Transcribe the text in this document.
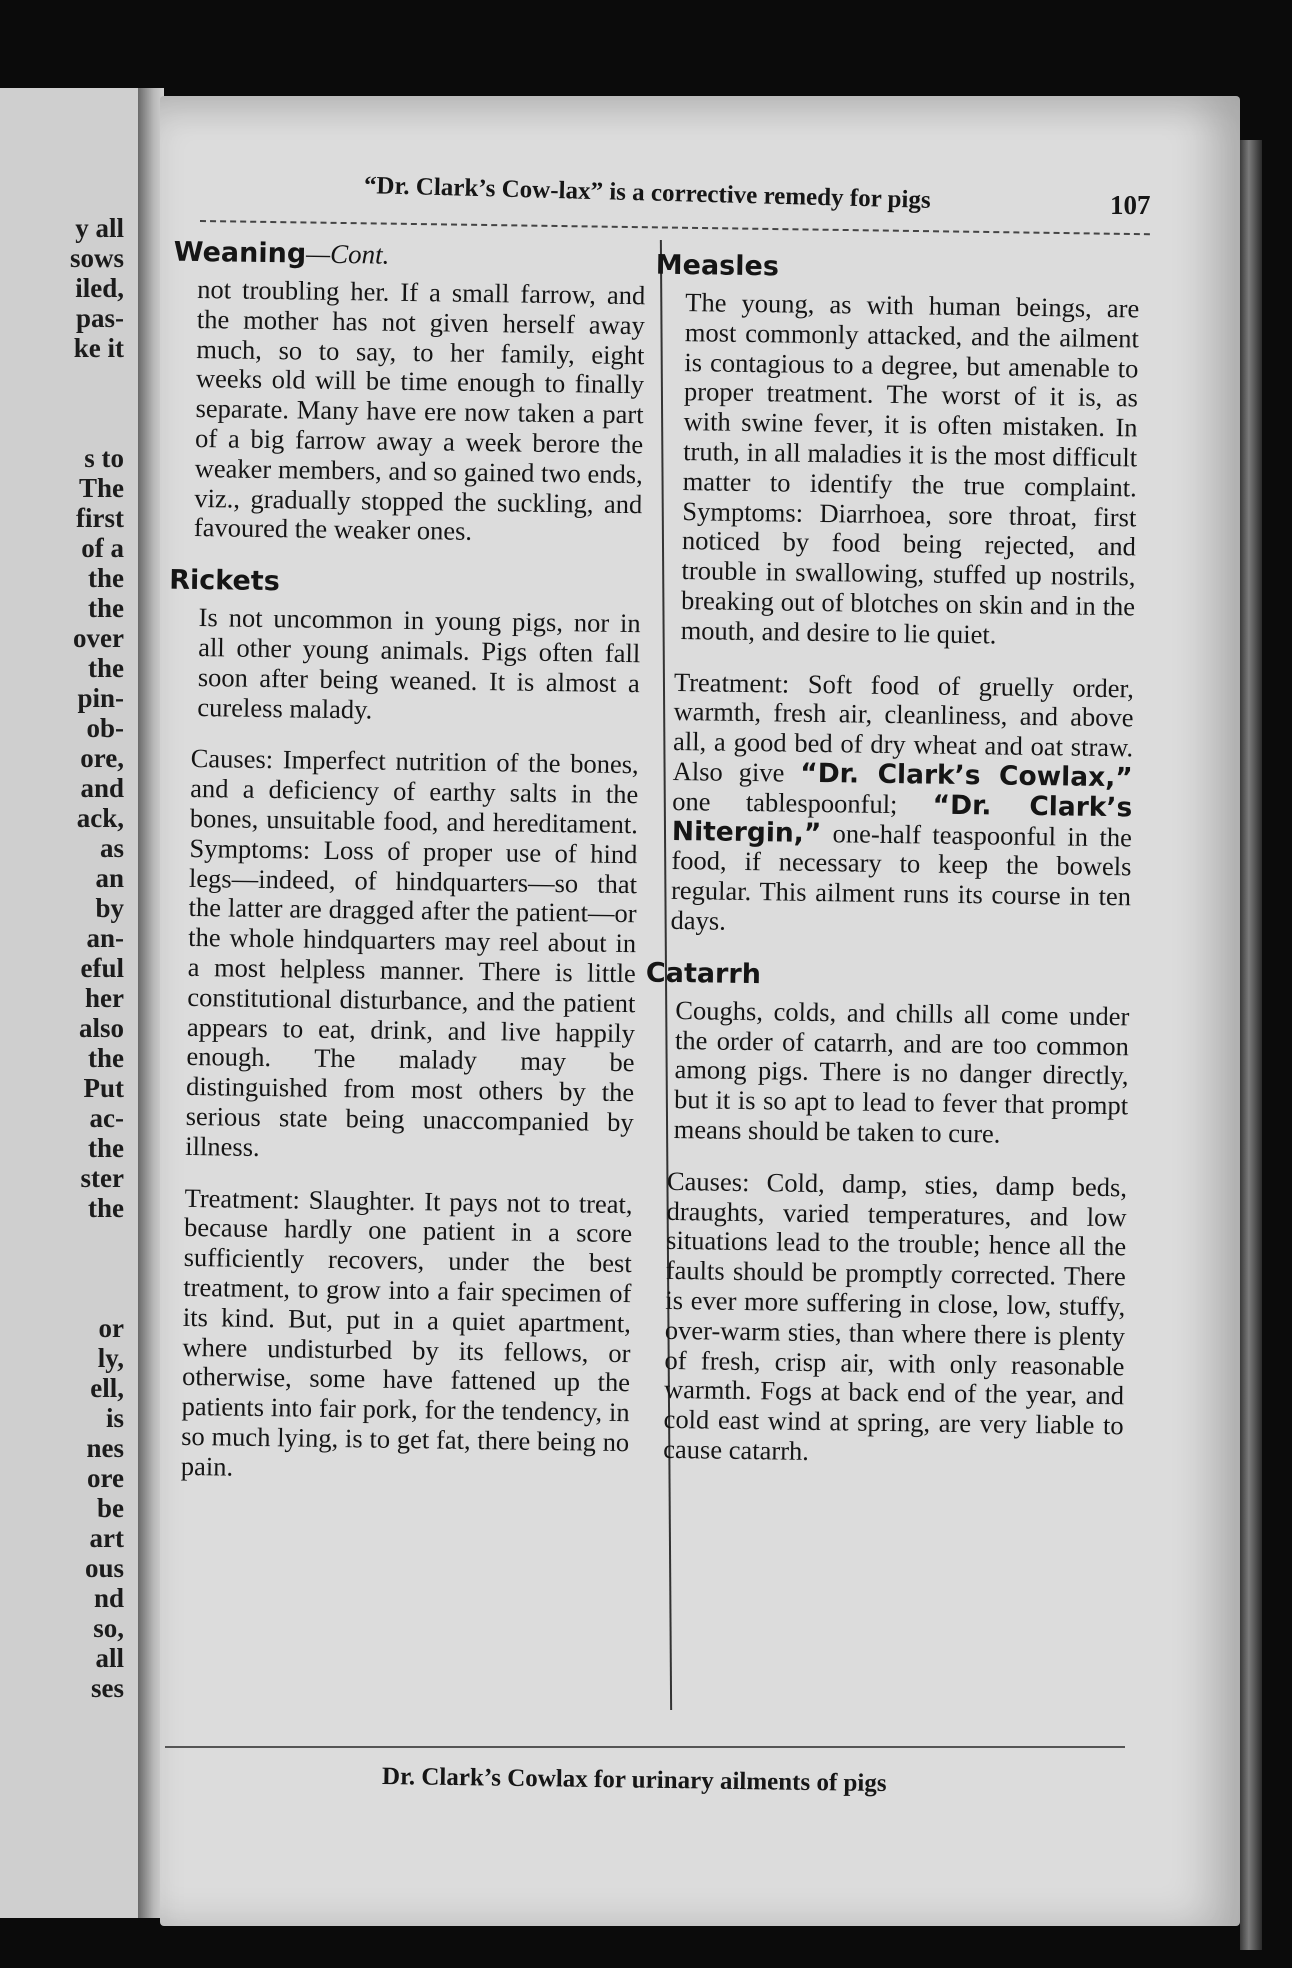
y all
sows
iled,
pas-
ke it
s to
The
first
of a
the
the
over
the
pin-
ob-
ore,
and
ack,
as
an
by
an-
eful
her
also
the
Put
ac-
the
ster
the
or
ly,
ell,
is
nes
ore
be
art
ous
nd
so,
all
ses
“Dr. Clark’s Cow-lax” is a corrective remedy for pigs	107
Weaning—Cont.

not troubling her. If a small farrow, and the mother has not given herself away much, so to say, to her family, eight weeks old will be time enough to finally separate. Many have ere now taken a part of a big farrow away a week berore the weaker members, and so gained two ends, viz., gradually stopped the suckling, and favoured the weaker ones.

Rickets

Is not uncommon in young pigs, nor in all other young animals. Pigs often fall soon after being weaned. It is almost a cureless malady.

Causes: Imperfect nutrition of the bones, and a deficiency of earthy salts in the bones, unsuitable food, and hereditament. Symptoms: Loss of proper use of hind legs—indeed, of hindquarters—so that the latter are dragged after the patient—or the whole hindquarters may reel about in a most helpless manner. There is little constitutional disturbance, and the patient appears to eat, drink, and live happily enough. The malady may be distinguished from most others by the serious state being unaccompanied by illness.

Treatment: Slaughter. It pays not to treat, because hardly one patient in a score sufficiently recovers, under the best treatment, to grow into a fair specimen of its kind. But, put in a quiet apartment, where undisturbed by its fellows, or otherwise, some have fattened up the patients into fair pork, for the tendency, in so much lying, is to get fat, there being no pain.

Measles

The young, as with human beings, are most commonly attacked, and the ailment is contagious to a degree, but amenable to proper treatment. The worst of it is, as with swine fever, it is often mistaken. In truth, in all maladies it is the most difficult matter to identify the true complaint. Symptoms: Diarrhoea, sore throat, first noticed by food being rejected, and trouble in swallowing, stuffed up nostrils, breaking out of blotches on skin and in the mouth, and desire to lie quiet.

Treatment: Soft food of gruelly order, warmth, fresh air, cleanliness, and above all, a good bed of dry wheat and oat straw. Also give “Dr. Clark’s Cowlax,” one tablespoonful; “Dr. Clark’s Nitergin,” one-half teaspoonful in the food, if necessary to keep the bowels regular. This ailment runs its course in ten days.

Catarrh

Coughs, colds, and chills all come under the order of catarrh, and are too common among pigs. There is no danger directly, but it is so apt to lead to fever that prompt means should be taken to cure.

Causes: Cold, damp, sties, damp beds, draughts, varied temperatures, and low situations lead to the trouble; hence all the faults should be promptly corrected. There is ever more suffering in close, low, stuffy, over-warm sties, than where there is plenty of fresh, crisp air, with only reasonable warmth. Fogs at back end of the year, and cold east wind at spring, are very liable to cause catarrh.

Dr. Clark’s Cowlax for urinary ailments of pigs
